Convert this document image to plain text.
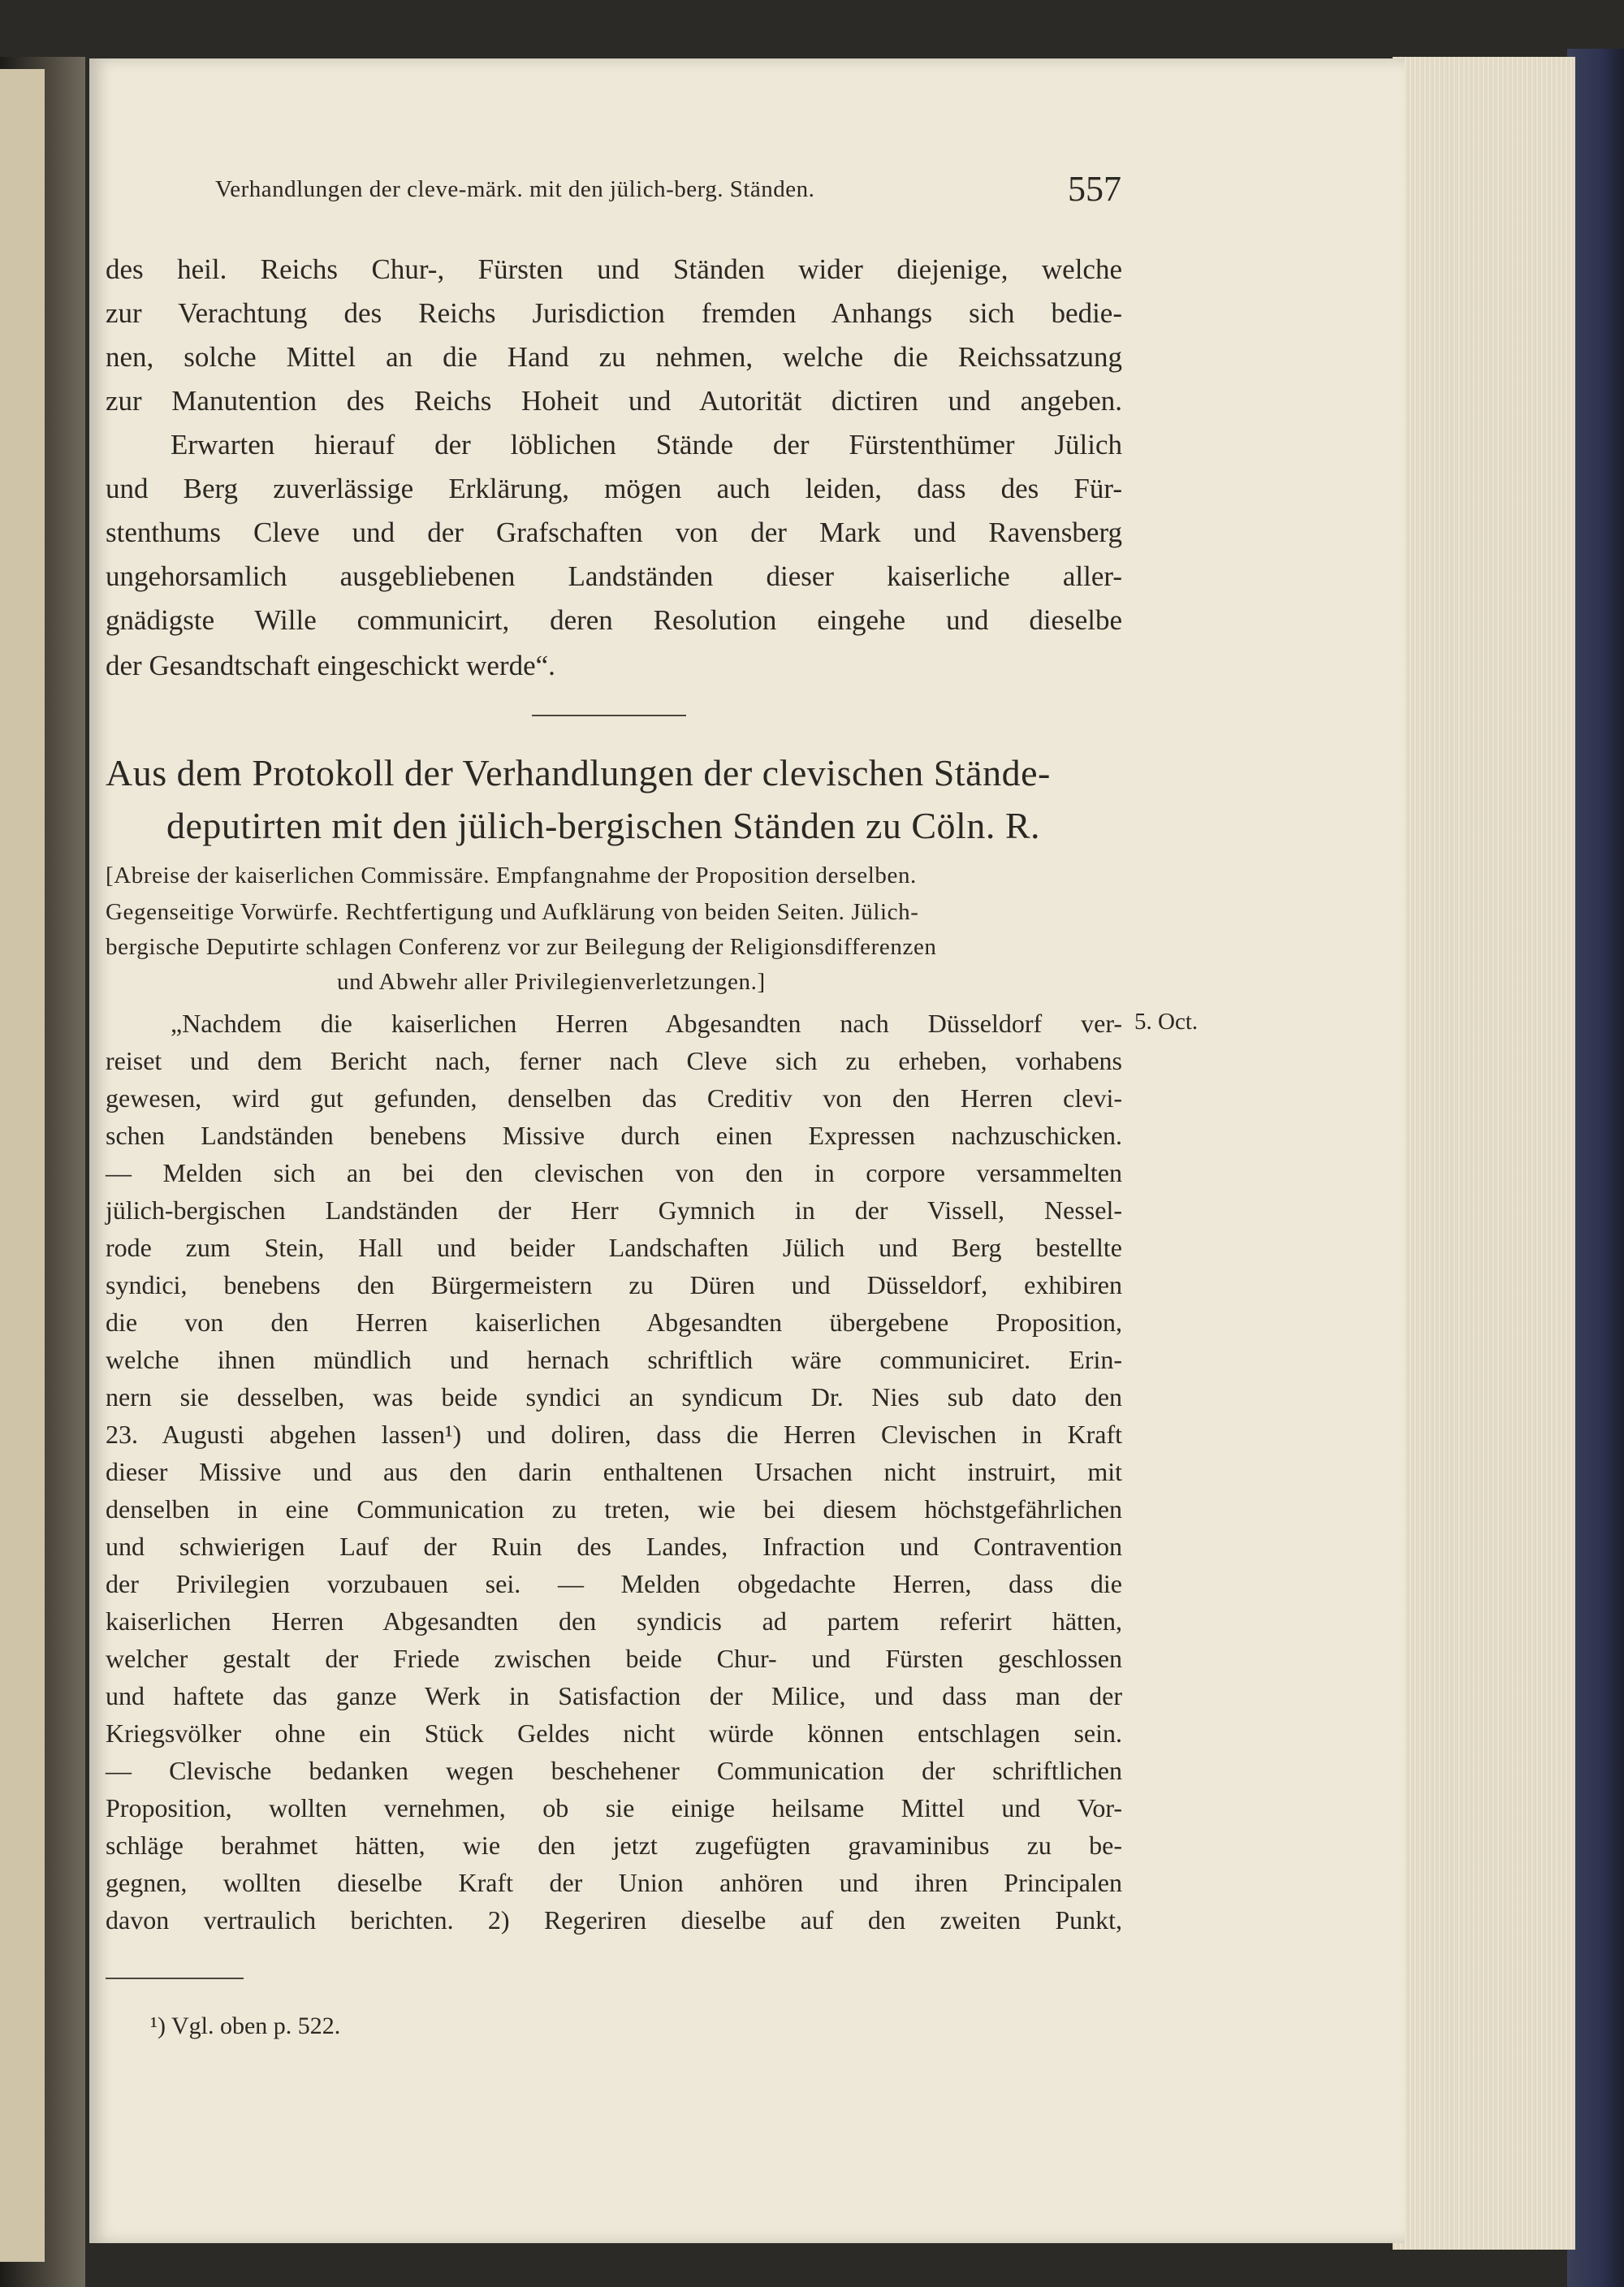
Verhandlungen der cleve-märk. mit den jülich-berg. Ständen.	557
des heil. Reichs Chur-, Fürsten und Ständen wider diejenige, welche
zur Verachtung des Reichs Jurisdiction fremden Anhangs sich bedie-
nen, solche Mittel an die Hand zu nehmen, welche die Reichssatzung
zur Manutention des Reichs Hoheit und Autorität dictiren und angeben.
Erwarten hierauf der löblichen Stände der Fürstenthümer Jülich
und Berg zuverlässige Erklärung, mögen auch leiden, dass des Für-
stenthums Cleve und der Grafschaften von der Mark und Ravensberg
ungehorsamlich ausgebliebenen Landständen dieser kaiserliche aller-
gnädigste Wille communicirt, deren Resolution eingehe und dieselbe
der Gesandtschaft eingeschickt werde“.
Aus dem Protokoll der Verhandlungen der clevischen Stände-
deputirten mit den jülich-bergischen Ständen zu Cöln. R.
[Abreise der kaiserlichen Commissäre. Empfangnahme der Proposition derselben.
Gegenseitige Vorwürfe. Rechtfertigung und Aufklärung von beiden Seiten. Jülich-
bergische Deputirte schlagen Conferenz vor zur Beilegung der Religionsdifferenzen
und Abwehr aller Privilegienverletzungen.]
5. Oct.
„Nachdem die kaiserlichen Herren Abgesandten nach Düsseldorf ver-
reiset und dem Bericht nach, ferner nach Cleve sich zu erheben, vorhabens
gewesen, wird gut gefunden, denselben das Creditiv von den Herren clevi-
schen Landständen benebens Missive durch einen Expressen nachzuschicken.
— Melden sich an bei den clevischen von den in corpore versammelten
jülich-bergischen Landständen der Herr Gymnich in der Vissell, Nessel-
rode zum Stein, Hall und beider Landschaften Jülich und Berg bestellte
syndici, benebens den Bürgermeistern zu Düren und Düsseldorf, exhibiren
die von den Herren kaiserlichen Abgesandten übergebene Proposition,
welche ihnen mündlich und hernach schriftlich wäre communiciret. Erin-
nern sie desselben, was beide syndici an syndicum Dr. Nies sub dato den
23. Augusti abgehen lassen¹) und doliren, dass die Herren Clevischen in Kraft
dieser Missive und aus den darin enthaltenen Ursachen nicht instruirt, mit
denselben in eine Communication zu treten, wie bei diesem höchstgefährlichen
und schwierigen Lauf der Ruin des Landes, Infraction und Contravention
der Privilegien vorzubauen sei. — Melden obgedachte Herren, dass die
kaiserlichen Herren Abgesandten den syndicis ad partem referirt hätten,
welcher gestalt der Friede zwischen beide Chur- und Fürsten geschlossen
und haftete das ganze Werk in Satisfaction der Milice, und dass man der
Kriegsvölker ohne ein Stück Geldes nicht würde können entschlagen sein.
— Clevische bedanken wegen beschehener Communication der schriftlichen
Proposition, wollten vernehmen, ob sie einige heilsame Mittel und Vor-
schläge berahmet hätten, wie den jetzt zugefügten gravaminibus zu be-
gegnen, wollten dieselbe Kraft der Union anhören und ihren Principalen
davon vertraulich berichten. 2) Regeriren dieselbe auf den zweiten Punkt,
¹) Vgl. oben p. 522.
